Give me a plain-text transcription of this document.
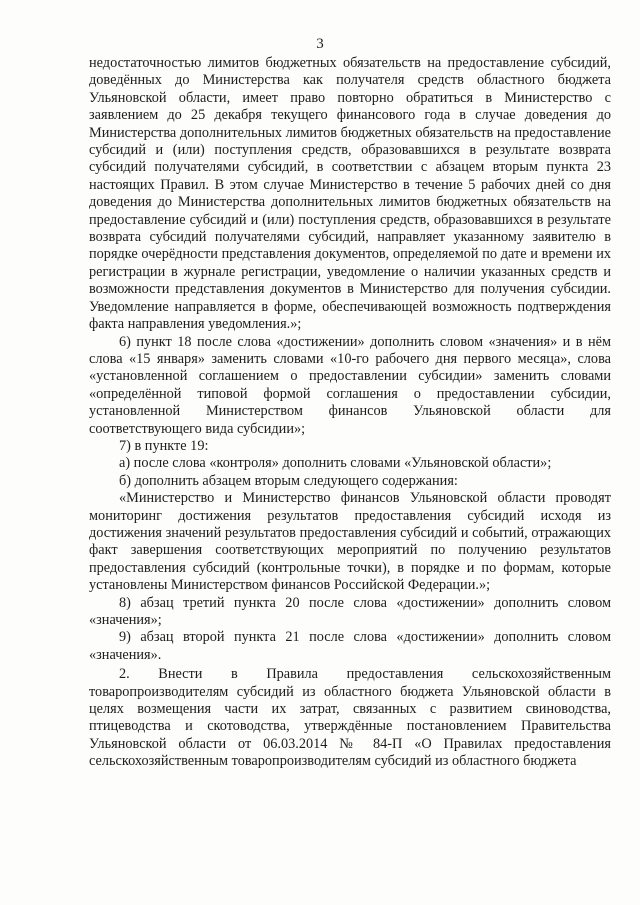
3

недостаточностью лимитов бюджетных обязательств на предоставление субсидий, доведённых до Министерства как получателя средств областного бюджета Ульяновской области, имеет право повторно обратиться в Министерство с заявлением до 25 декабря текущего финансового года в случае доведения до Министерства дополнительных лимитов бюджетных обязательств на предоставление субсидий и (или) поступления средств, образовавшихся в результате возврата субсидий получателями субсидий, в соответствии с абзацем вторым пункта 23 настоящих Правил. В этом случае Министерство в течение 5 рабочих дней со дня доведения до Министерства дополнительных лимитов бюджетных обязательств на предоставление субсидий и (или) поступления средств, образовавшихся в результате возврата субсидий получателями субсидий, направляет указанному заявителю в порядке очерёдности представления документов, определяемой по дате и времени их регистрации в журнале регистрации, уведомление о наличии указанных средств и возможности представления документов в Министерство для получения субсидии. Уведомление направляется в форме, обеспечивающей возможность подтверждения факта направления уведомления.»;

6) пункт 18 после слова «достижении» дополнить словом «значения» и в нём слова «15 января» заменить словами «10-го рабочего дня первого месяца», слова «установленной соглашением о предоставлении субсидии» заменить словами «определённой типовой формой соглашения о предоставлении субсидии, установленной Министерством финансов Ульяновской области для соответствующего вида субсидии»;

7) в пункте 19:

а) после слова «контроля» дополнить словами «Ульяновской области»;

б) дополнить абзацем вторым следующего содержания:

«Министерство и Министерство финансов Ульяновской области проводят мониторинг достижения результатов предоставления субсидий исходя из достижения значений результатов предоставления субсидий и событий, отражающих факт завершения соответствующих мероприятий по получению результатов предоставления субсидий (контрольные точки), в порядке и по формам, которые установлены Министерством финансов Российской Федерации.»;

8) абзац третий пункта 20 после слова «достижении» дополнить словом «значения»;

9) абзац второй пункта 21 после слова «достижении» дополнить словом «значения».

2. Внести в Правила предоставления сельскохозяйственным товаропроизводителям субсидий из областного бюджета Ульяновской области в целях возмещения части их затрат, связанных с развитием свиноводства, птицеводства и скотоводства, утверждённые постановлением Правительства Ульяновской области от 06.03.2014 № 84-П «О Правилах предоставления сельскохозяйственным товаропроизводителям субсидий из областного бюджета
